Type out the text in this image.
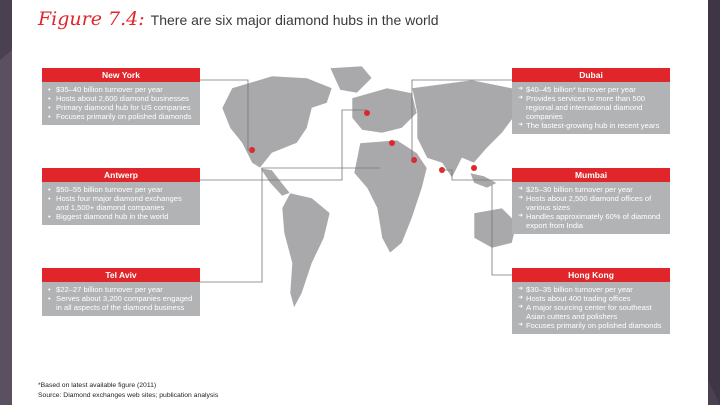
Figure 7.4: There are six major diamond hubs in the world
New York
• $35–40 billion turnover per year
• Hosts about 2,600 diamond businesses
• Primary diamond hub for US companies
• Focuses primarily on polished diamonds
Antwerp
• $50–55 billion turnover per year
• Hosts four major diamond exchanges and 1,500+ diamond companies
• Biggest diamond hub in the world
Tel Aviv
• $22–27 billion turnover per year
• Serves about 3,200 companies engaged in all aspects of the diamond business
Dubai
➜ $40–45 billion* turnover per year
➜ Provides services to more than 500 regional and international diamond companies
➜ The fastest-growing hub in recent years
Mumbai
➜ $25–30 billion turnover per year
➜ Hosts about 2,500 diamond offices of various sizes
➜ Handles approximately 60% of diamond export from India
Hong Kong
➜ $30–35 billion turnover per year
➜ Hosts about 400 trading offices
➜ A major sourcing center for southeast Asian cutters and polishers
➜ Focuses primarily on polished diamonds
*Based on latest available figure (2011)
Source: Diamond exchanges web sites; publication analysis
